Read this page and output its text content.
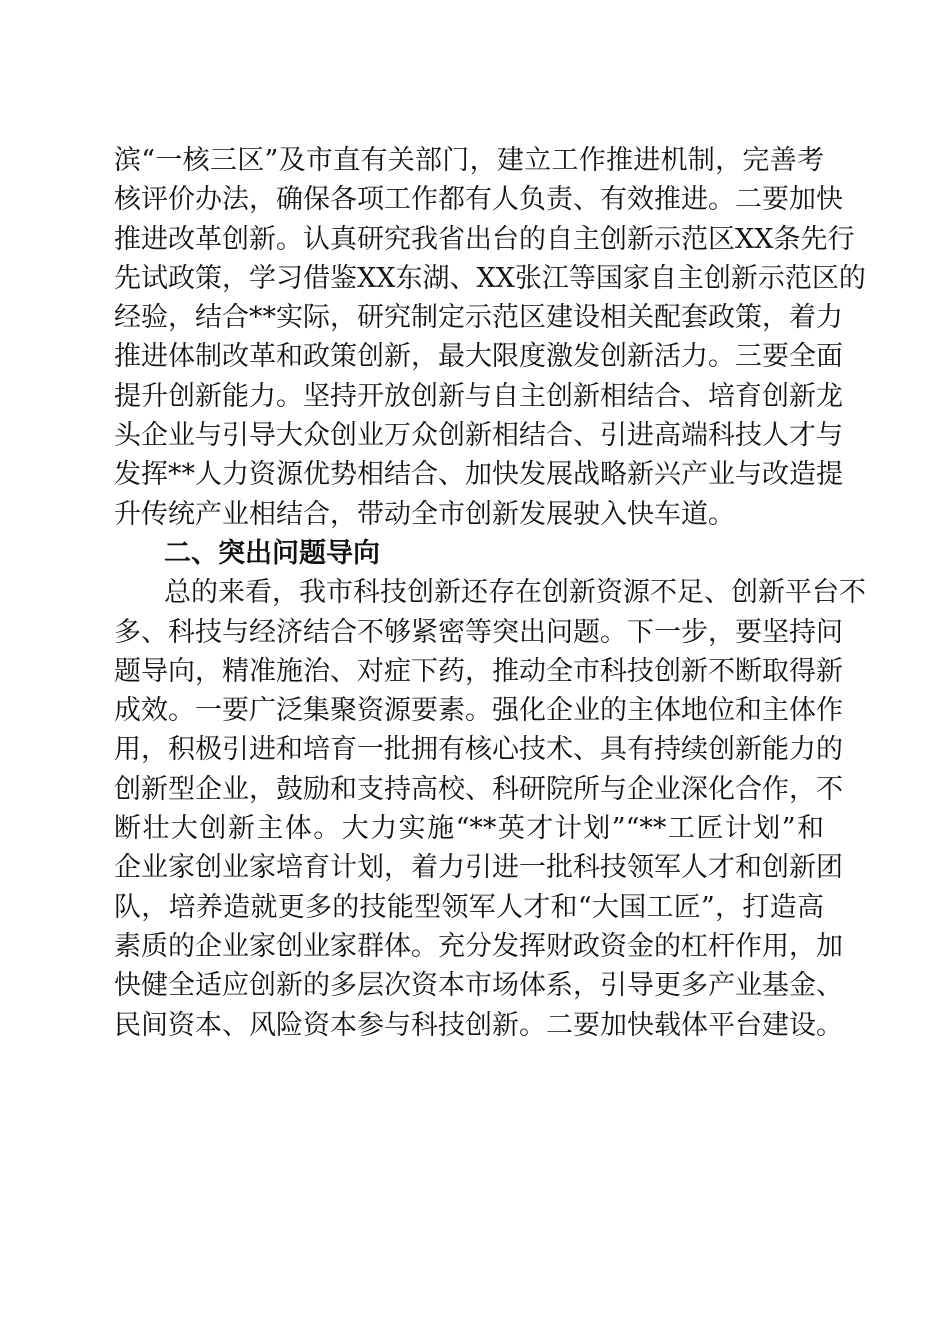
滨“一核三区”及市直有关部门，建立工作推进机制，完善考
核评价办法，确保各项工作都有人负责、有效推进。二要加快
推进改革创新。认真研究我省出台的自主创新示范区XX条先行
先试政策，学习借鉴XX东湖、XX张江等国家自主创新示范区的
经验，结合**实际，研究制定示范区建设相关配套政策，着力
推进体制改革和政策创新，最大限度激发创新活力。三要全面
提升创新能力。坚持开放创新与自主创新相结合、培育创新龙
头企业与引导大众创业万众创新相结合、引进高端科技人才与
发挥**人力资源优势相结合、加快发展战略新兴产业与改造提
升传统产业相结合，带动全市创新发展驶入快车道。
二、突出问题导向
总的来看，我市科技创新还存在创新资源不足、创新平台不
多、科技与经济结合不够紧密等突出问题。下一步，要坚持问
题导向，精准施治、对症下药，推动全市科技创新不断取得新
成效。一要广泛集聚资源要素。强化企业的主体地位和主体作
用，积极引进和培育一批拥有核心技术、具有持续创新能力的
创新型企业，鼓励和支持高校、科研院所与企业深化合作，不
断壮大创新主体。大力实施“**英才计划”“**工匠计划”和
企业家创业家培育计划，着力引进一批科技领军人才和创新团
队，培养造就更多的技能型领军人才和“大国工匠”，打造高
素质的企业家创业家群体。充分发挥财政资金的杠杆作用，加
快健全适应创新的多层次资本市场体系，引导更多产业基金、
民间资本、风险资本参与科技创新。二要加快载体平台建设。
